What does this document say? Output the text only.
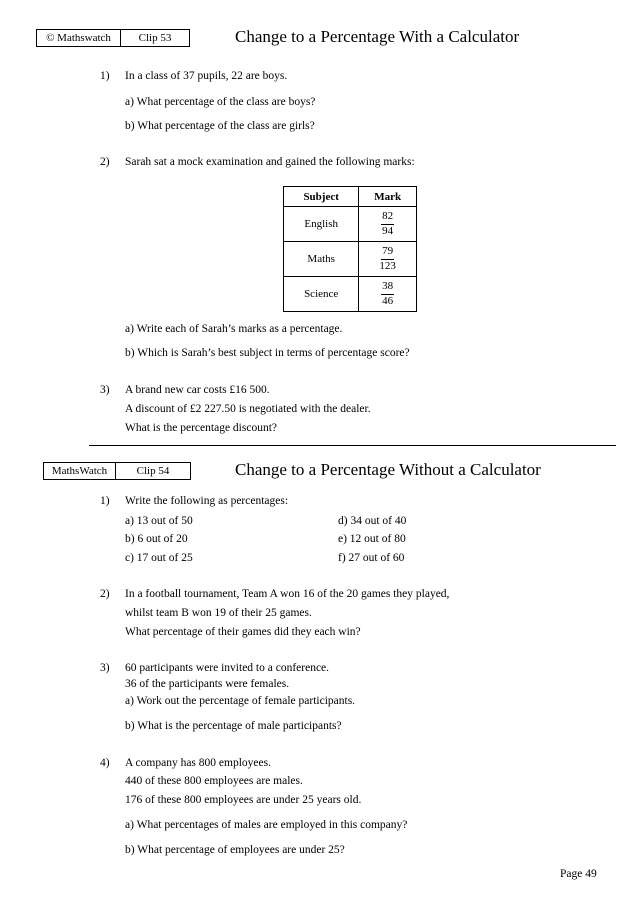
© Mathswatch	Clip 53	Change to a Percentage With a Calculator
1) In a class of 37 pupils, 22 are boys.
a) What percentage of the class are boys?
b) What percentage of the class are girls?
2) Sarah sat a mock examination and gained the following marks:
Subject	Mark
English	$\frac{82}{94}$

Maths	$\frac{79}{123}$

Science	$\frac{38}{46}$
a) Write each of Sarah’s marks as a percentage.
b) Which is Sarah’s best subject in terms of percentage score?
3) A brand new car costs £16 500.
A discount of £2 227.50 is negotiated with the dealer.
What is the percentage discount?
MathsWatch	Clip 54	Change to a Percentage Without a Calculator
1) Write the following as percentages:
a) 13 out of 50
b) 6 out of 20
c) 17 out of 25
d) 34 out of 40
e) 12 out of 80
f) 27 out of 60
2) In a football tournament, Team A won 16 of the 20 games they played,
whilst team B won 19 of their 25 games.
What percentage of their games did they each win?
3) 60 participants were invited to a conference.
36 of the participants were females.
a) Work out the percentage of female participants.
b) What is the percentage of male participants?
4) A company has 800 employees.
440 of these 800 employees are males.
176 of these 800 employees are under 25 years old.
a) What percentages of males are employed in this company?
b) What percentage of employees are under 25?
Page 49
